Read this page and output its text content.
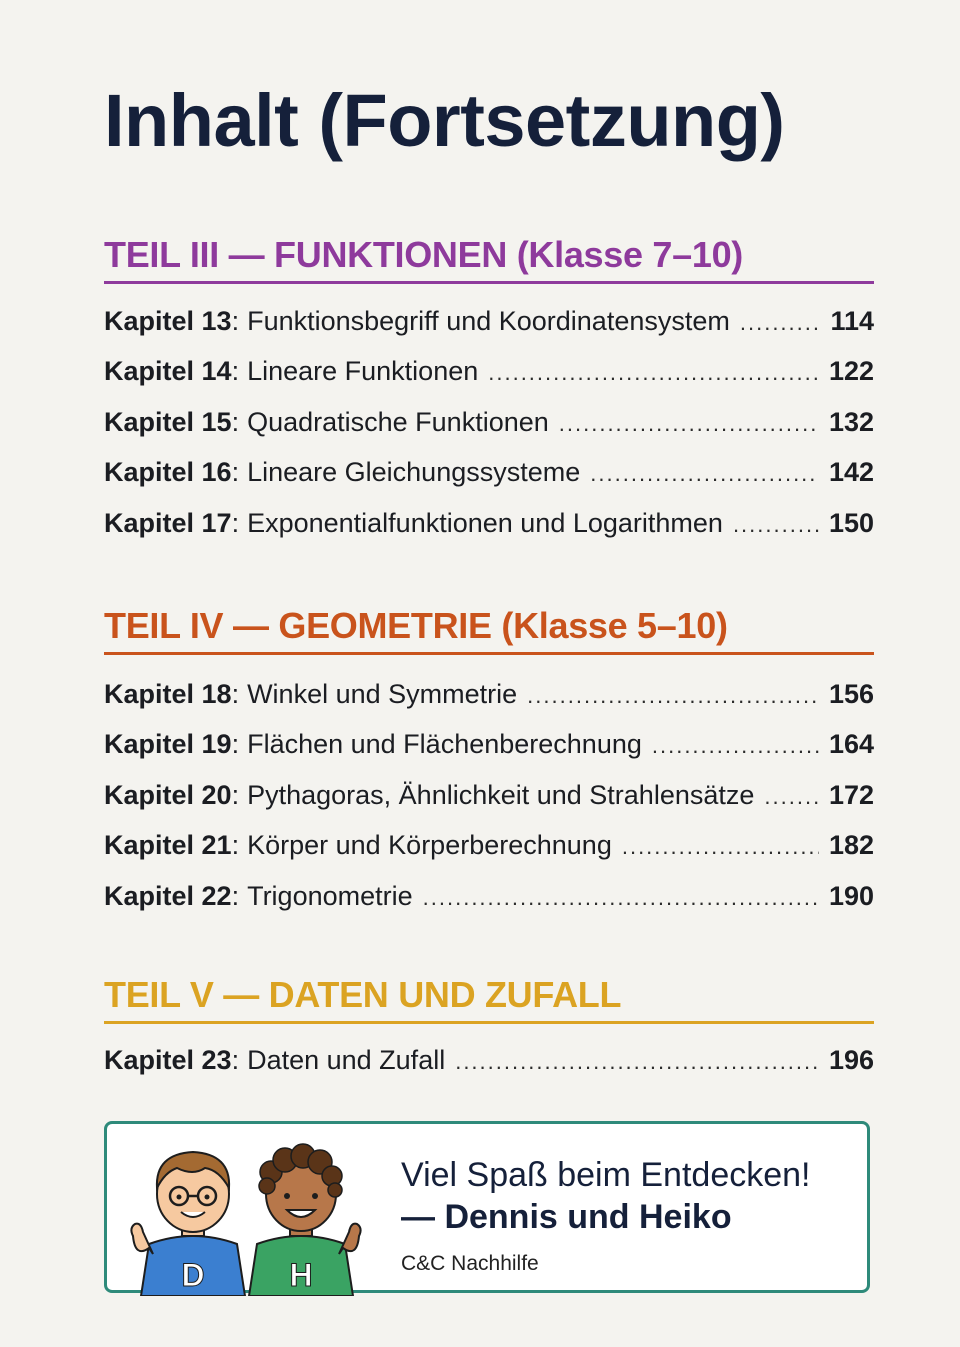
Inhalt (Fortsetzung)
TEIL III — FUNKTIONEN (Klasse 7–10)
Kapitel 13 : Funktionsbegriff und Koordinatensystem .....	114
Kapitel 14 : Lineare Funktionen .....	122
Kapitel 15 : Quadratische Funktionen .....	132
Kapitel 16 : Lineare Gleichungssysteme .....	142
Kapitel 17 : Exponentialfunktionen und Logarithmen .....	150
TEIL IV — GEOMETRIE (Klasse 5–10)
Kapitel 18 : Winkel und Symmetrie .....	156
Kapitel 19 : Flächen und Flächenberechnung .....	164
Kapitel 20 : Pythagoras, Ähnlichkeit und Strahlensätze .....	172
Kapitel 21 : Körper und Körperberechnung .....	182
Kapitel 22 : Trigonometrie .....	190
TEIL V — DATEN UND ZUFALL
Kapitel 23 : Daten und Zufall .....	196
D	H
Viel Spaß beim Entdecken!
— Dennis und Heiko
C&C Nachhilfe
